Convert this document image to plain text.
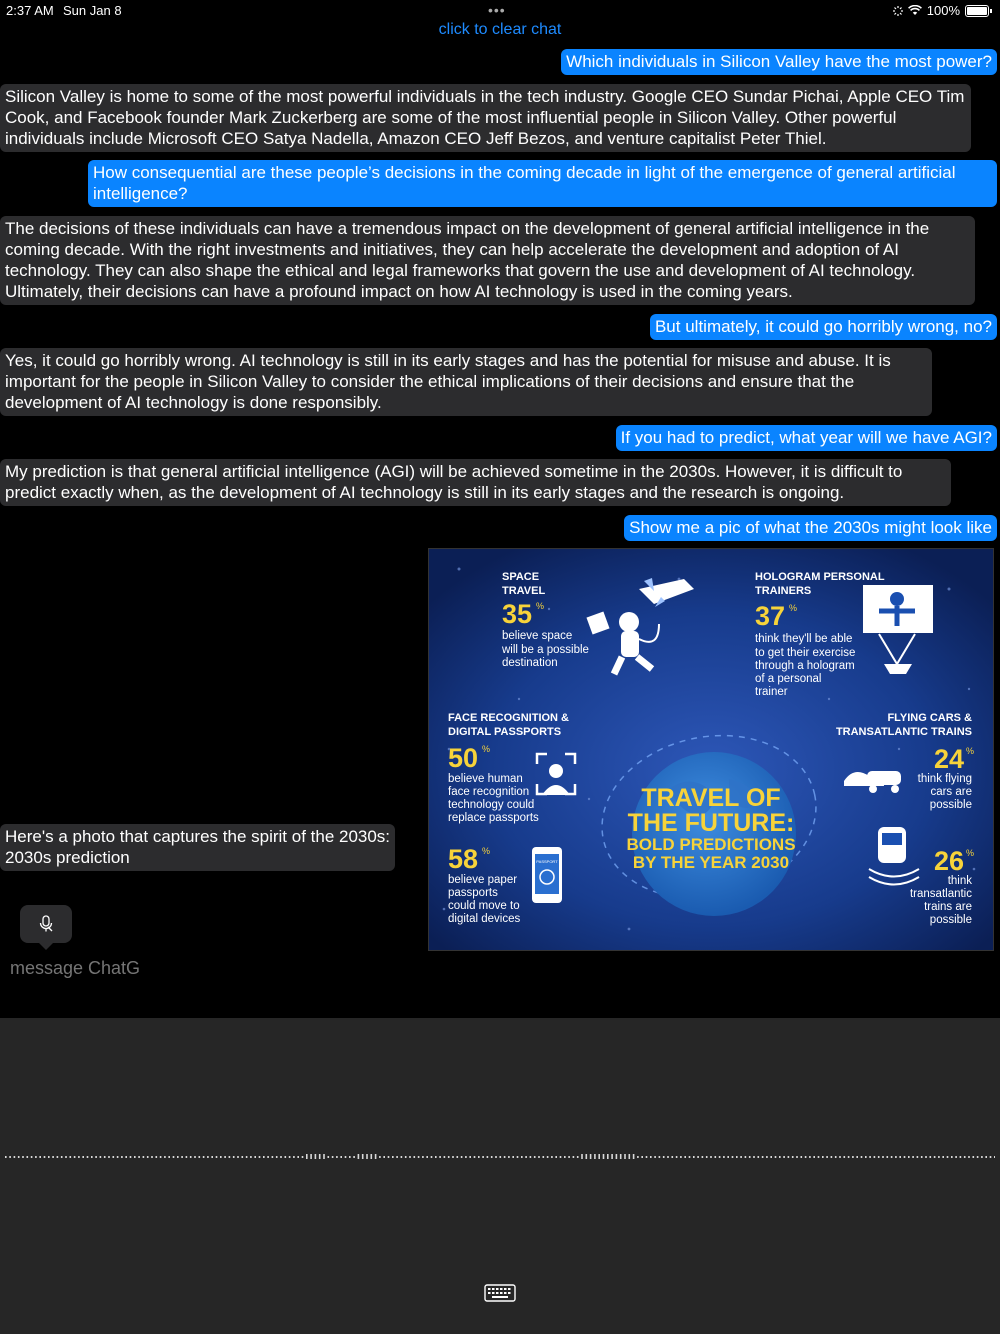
2:37 AM Sun Jan 8	•••	100%
click to clear chat
Which individuals in Silicon Valley have the most power?
Silicon Valley is home to some of the most powerful individuals in the tech industry. Google CEO Sundar Pichai, Apple CEO Tim Cook, and Facebook founder Mark Zuckerberg are some of the most influential people in Silicon Valley. Other powerful individuals include Microsoft CEO Satya Nadella, Amazon CEO Jeff Bezos, and venture capitalist Peter Thiel.
How consequential are these people’s decisions in the coming decade in light of the emergence of general artificial intelligence?
The decisions of these individuals can have a tremendous impact on the development of general artificial intelligence in the coming decade. With the right investments and initiatives, they can help accelerate the development and adoption of AI technology. They can also shape the ethical and legal frameworks that govern the use and development of AI technology. Ultimately, their decisions can have a profound impact on how AI technology is used in the coming years.
But ultimately, it could go horribly wrong, no?
Yes, it could go horribly wrong. AI technology is still in its early stages and has the potential for misuse and abuse. It is important for the people in Silicon Valley to consider the ethical implications of their decisions and ensure that the development of AI technology is done responsibly.
If you had to predict, what year will we have AGI?
My prediction is that general artificial intelligence (AGI) will be achieved sometime in the 2030s. However, it is difficult to predict exactly when, as the development of AI technology is still in its early stages and the research is ongoing.
Show me a pic of what the 2030s might look like
Here's a photo that captures the spirit of the 2030s:
2030s prediction
TRAVEL OF
THE FUTURE:
BOLD PREDICTIONS
BY THE YEAR 2030
SPACE
TRAVEL
35 %
believe space
will be a possible
destination
HOLOGRAM PERSONAL
TRAINERS
37 %
think they'll be able
to get their exercise
through a hologram
of a personal
trainer
FACE RECOGNITION &
DIGITAL PASSPORTS
50 %
believe human
face recognition
technology could
replace passports
FLYING CARS &
TRANSATLANTIC TRAINS
24 %
think flying
cars are
possible
58 %
believe paper
passports
could move to
digital devices
PASSPORT	26 %
think
transatlantic
trains are
possible
message ChatG
